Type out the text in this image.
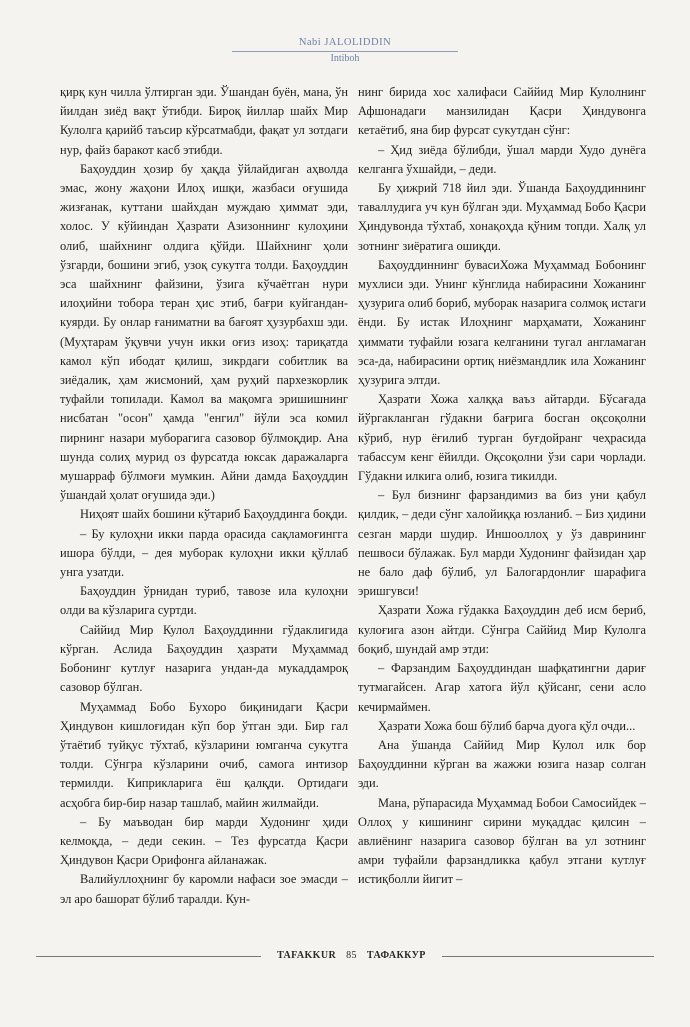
Nabi JALOLIDDIN
Intiboh

қирқ кун чилла ўлтирган эди. Ўшандан буён, мана, ўн йилдан зиёд вақт ўтибди. Бироқ йиллар шайх Мир Кулолга қарийб таъсир кўрсатмабди, фақат ул зотдаги нур, файз баракот касб этибди.

Баҳоуддин ҳозир бу ҳақда ўйлайдиган аҳволда эмас, жону жаҳони Илоҳ ишқи, жазбаси оғушида жизғанак, куттани шайхдан муждаю ҳиммат эди, холос. У кўйиндан Ҳазрати Азизоннинг кулоҳини олиб, шайхнинг олдига қўйди. Шайхнинг ҳоли ўзгарди, бошини эгиб, узоқ сукутга толди. Баҳоуддин эса шайхнинг файзини, ўзига кўчаётган нури илоҳийни тобора теран ҳис этиб, бағри куйгандан-куярди. Бу онлар ғаниматни ва бағоят ҳузурбахш эди. (Муҳтарам ўқувчи учун икки оғиз изоҳ: тариқатда камол кўп ибодат қилиш, зикрдаги собитлик ва зиёдалик, ҳам жисмоний, ҳам руҳий пархезкорлик туфайли топилади. Камол ва мақомга эришишнинг нисбатан "осон" ҳамда "енгил" йўли эса комил пирнинг назари муборагига сазовор бўлмоқдир. Ана шунда солиҳ мурид оз фурсатда юксак даражаларга мушарраф бўлмоғи мумкин. Айни дамда Баҳоуддин ўшандай ҳолат оғушида эди.)

Ниҳоят шайх бошини кўтариб Баҳоуддинга боқди.

– Бу кулоҳни икки парда орасида сақламоғингга ишора бўлди, – дея муборак кулоҳни икки қўллаб унга узатди.

Баҳоуддин ўрнидан туриб, тавозе ила кулоҳни олди ва кўзларига суртди.

Саййид Мир Кулол Баҳоуддинни гўдаклигида кўрган. Аслида Баҳоуддин ҳазрати Муҳаммад Бобонинг кутлуғ назарига ундан-да мукаддамроқ сазовор бўлган.

Муҳаммад Бобо Бухоро биқинидаги Қасри Ҳиндувон кишлоғидан кўп бор ўтган эди. Бир гал ўтаётиб туйқус тўхтаб, кўзларини юмганча сукутга толди. Сўнгра кўзларини очиб, самога интизор термилди. Киприкларига ёш қалқди. Ортидаги асҳобга бир-бир назар ташлаб, майин жилмайди.

– Бу маъводан бир марди Худонинг ҳиди келмоқда, – деди секин. – Тез фурсатда Қасри Ҳиндувон Қасри Орифонга айланажак.

Валийуллоҳнинг бу каромли нафаси зое эмасди – эл аро башорат бўлиб таралди. Кун-

нинг бирида хос халифаси Саййид Мир Кулолнинг Афшонадаги манзилидан Қасри Ҳиндувонга кетаётиб, яна бир фурсат сукутдан сўнг:

– Ҳид зиёда бўлибди, ўшал марди Худо дунёга келганга ўхшайди, – деди.

Бу ҳижрий 718 йил эди. Ўшанда Баҳоуддиннинг таваллудига уч кун бўлган эди. Муҳаммад Бобо Қасри Ҳиндувонда тўхтаб, хонақоҳда қўним топди. Халқ ул зотнинг зиёратига ошиқди.

Баҳоуддиннинг бувасиХожа Муҳаммад Бобонинг мухлиси эди. Унинг кўнглида набирасини Хожанинг ҳузурига олиб бориб, муборак назарига солмоқ истаги ёнди. Бу истак Илоҳнинг марҳамати, Хожанинг ҳиммати туфайли юзага келганини тугал англамаган эса-да, набирасини ортиқ ниёзмандлик ила Хожанинг ҳузурига элтди.

Ҳазрати Хожа халққа ваъз айтарди. Бўсағада йўргакланган гўдакни бағрига босган оқсоқолни кўриб, нур ёғилиб турган буғдойранг чеҳрасида табассум кенг ёйилди. Оқсоқолни ўзи сари чорлади. Гўдакни илкига олиб, юзига тикилди.

– Бул бизнинг фарзандимиз ва биз уни қабул қилдик, – деди сўнг халойиққа юзланиб. – Биз ҳидини сезган марди шудир. Иншооллоҳ у ўз даврининг пешвоси бўлажак. Бул марди Худонинг файзидан ҳар не бало даф бўлиб, ул Балогардонлиғ шарафига эришгувси!

Ҳазрати Хожа гўдакка Баҳоуддин деб исм бериб, кулоғига азон айтди. Сўнгра Саййид Мир Кулолга боқиб, шундай амр этди:

– Фарзандим Баҳоуддиндан шафқатингни дариғ тутмагайсен. Агар хатога йўл қўйсанг, сени асло кечирмаймен.

Ҳазрати Хожа бош бўлиб барча дуога қўл очди...

Ана ўшанда Саййид Мир Кулол илк бор Баҳоуддинни кўрган ва жажжи юзига назар солган эди.

Мана, рўпарасида Муҳаммад Бобои Самосийдек – Оллоҳ у кишининг сирини муқаддас қилсин – авлиёнинг назарига сазовор бўлган ва ул зотнинг амри туфайли фарзандликка қабул этгани кутлуғ истиқболли йигит –

TAFAKKUR 85 ТАФАККУР
